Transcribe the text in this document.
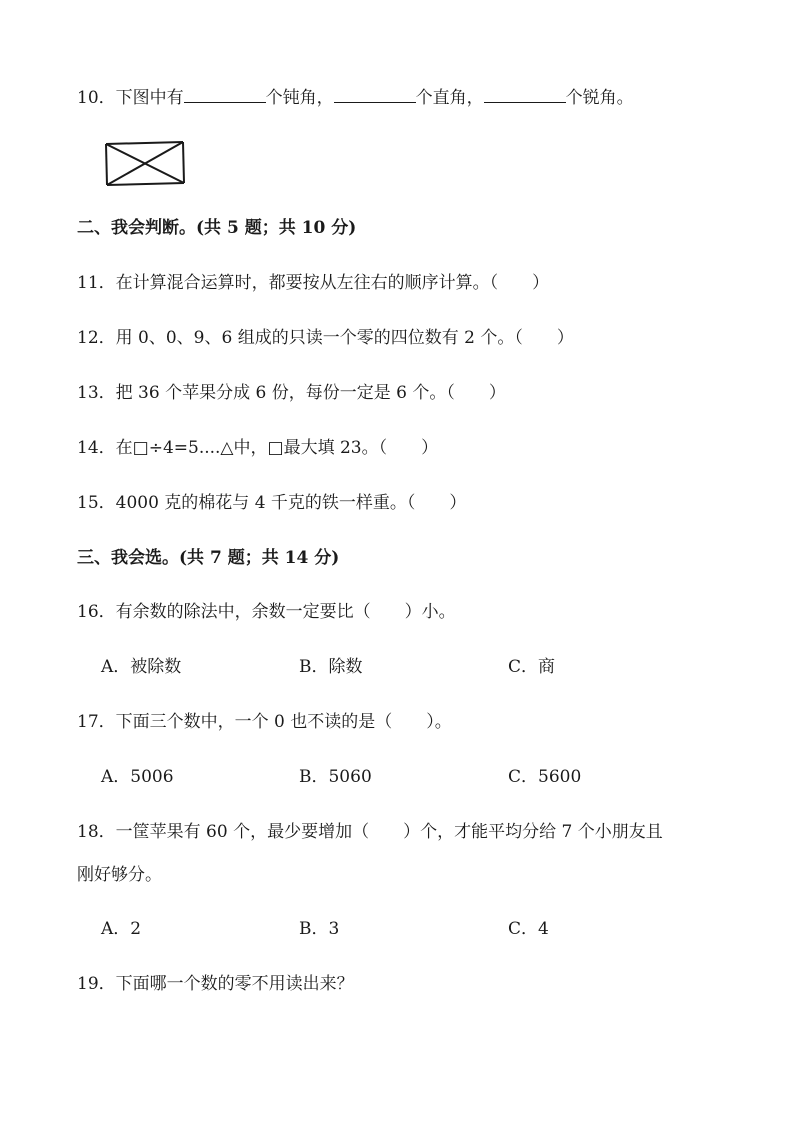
10．下图中有	个钝角，	个直角，	个锐角。
二、我会判断。(共 5 题；共 10 分)
11．在计算混合运算时，都要按从左往右的顺序计算。（　　）
12．用 0、0、9、6 组成的只读一个零的四位数有 2 个。（　　）
13．把 36 个苹果分成 6 份，每份一定是 6 个。（　　）
14．在□÷4=5....△中，□最大填 23。（　　）
15．4000 克的棉花与 4 千克的铁一样重。（　　）
三、我会选。(共 7 题；共 14 分)
16．有余数的除法中，余数一定要比（　　）小。
A．被除数	B．除数	C．商
17．下面三个数中，一个 0 也不读的是（　　）。
A．5006	B．5060	C．5600
18．一筐苹果有 60 个，最少要增加（　　）个，才能平均分给 7 个小朋友且
刚好够分。
A．2	B．3	C．4
19．下面哪一个数的零不用读出来？
